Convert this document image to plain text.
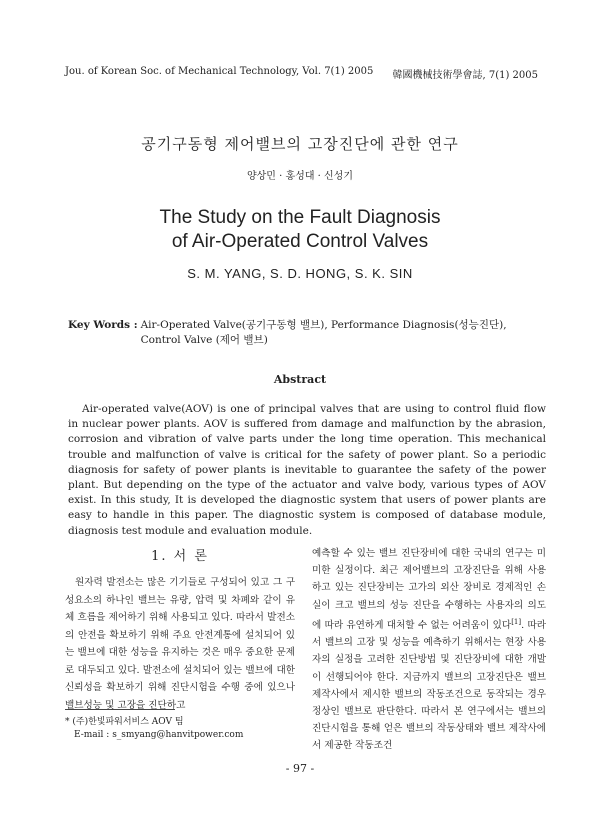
Jou. of Korean Soc. of Mechanical Technology, Vol. 7(1) 2005 韓國機械技術學會誌, 7(1) 2005
공기구동형 제어밸브의 고장진단에 관한 연구
양상민 · 홍성대 · 신성기
The Study on the Fault Diagnosis
of Air-Operated Control Valves
S. M. YANG, S. D. HONG, S. K. SIN
Key Words : Air-Operated Valve(공기구동형 밸브), Performance Diagnosis(성능진단), Control Valve (제어 밸브)
Abstract
Air-operated valve(AOV) is one of principal valves that are using to control fluid flow in nuclear power plants. AOV is suffered from damage and malfunction by the abrasion, corrosion and vibration of valve parts under the long time operation. This mechanical trouble and malfunction of valve is critical for the safety of power plant. So a periodic diagnosis for safety of power plants is inevitable to guarantee the safety of the power plant. But depending on the type of the actuator and valve body, various types of AOV exist. In this study, It is developed the diagnostic system that users of power plants are easy to handle in this paper. The diagnostic system is composed of database module, diagnosis test module and evaluation module.
1. 서 론
원자력 발전소는 많은 기기들로 구성되어 있고 그 구성요소의 하나인 밸브는 유량, 압력 및 차폐와 같이 유체 흐름을 제어하기 위해 사용되고 있다. 따라서 발전소의 안전을 확보하기 위해 주요 안전계통에 설치되어 있는 밸브에 대한 성능을 유지하는 것은 매우 중요한 문제로 대두되고 있다. 발전소에 설치되어 있는 밸브에 대한 신뢰성을 확보하기 위해 진단시험을 수행 중에 있으나 밸브성능 및 고장을 진단하고
예측할 수 있는 밸브 진단장비에 대한 국내의 연구는 미미한 실정이다. 최근 제어밸브의 고장진단을 위해 사용하고 있는 진단장비는 고가의 외산 장비로 경제적인 손실이 크고 밸브의 성능 진단을 수행하는 사용자의 의도에 따라 유연하게 대처할 수 없는 어려움이 있다[1]. 따라서 밸브의 고장 및 성능을 예측하기 위해서는 현장 사용자의 실정을 고려한 진단방법 및 진단장비에 대한 개발이 선행되어야 한다. 지금까지 밸브의 고장진단은 밸브 제작사에서 제시한 밸브의 작동조건으로 동작되는 경우 정상인 밸브로 판단한다. 따라서 본 연구에서는 밸브의 진단시험을 통해 얻은 밸브의 작동상태와 밸브 제작사에서 제공한 작동조건
* (주)한빛파워서비스 AOV 팀
E-mail : s_smyang@hanvitpower.com
- 97 -
